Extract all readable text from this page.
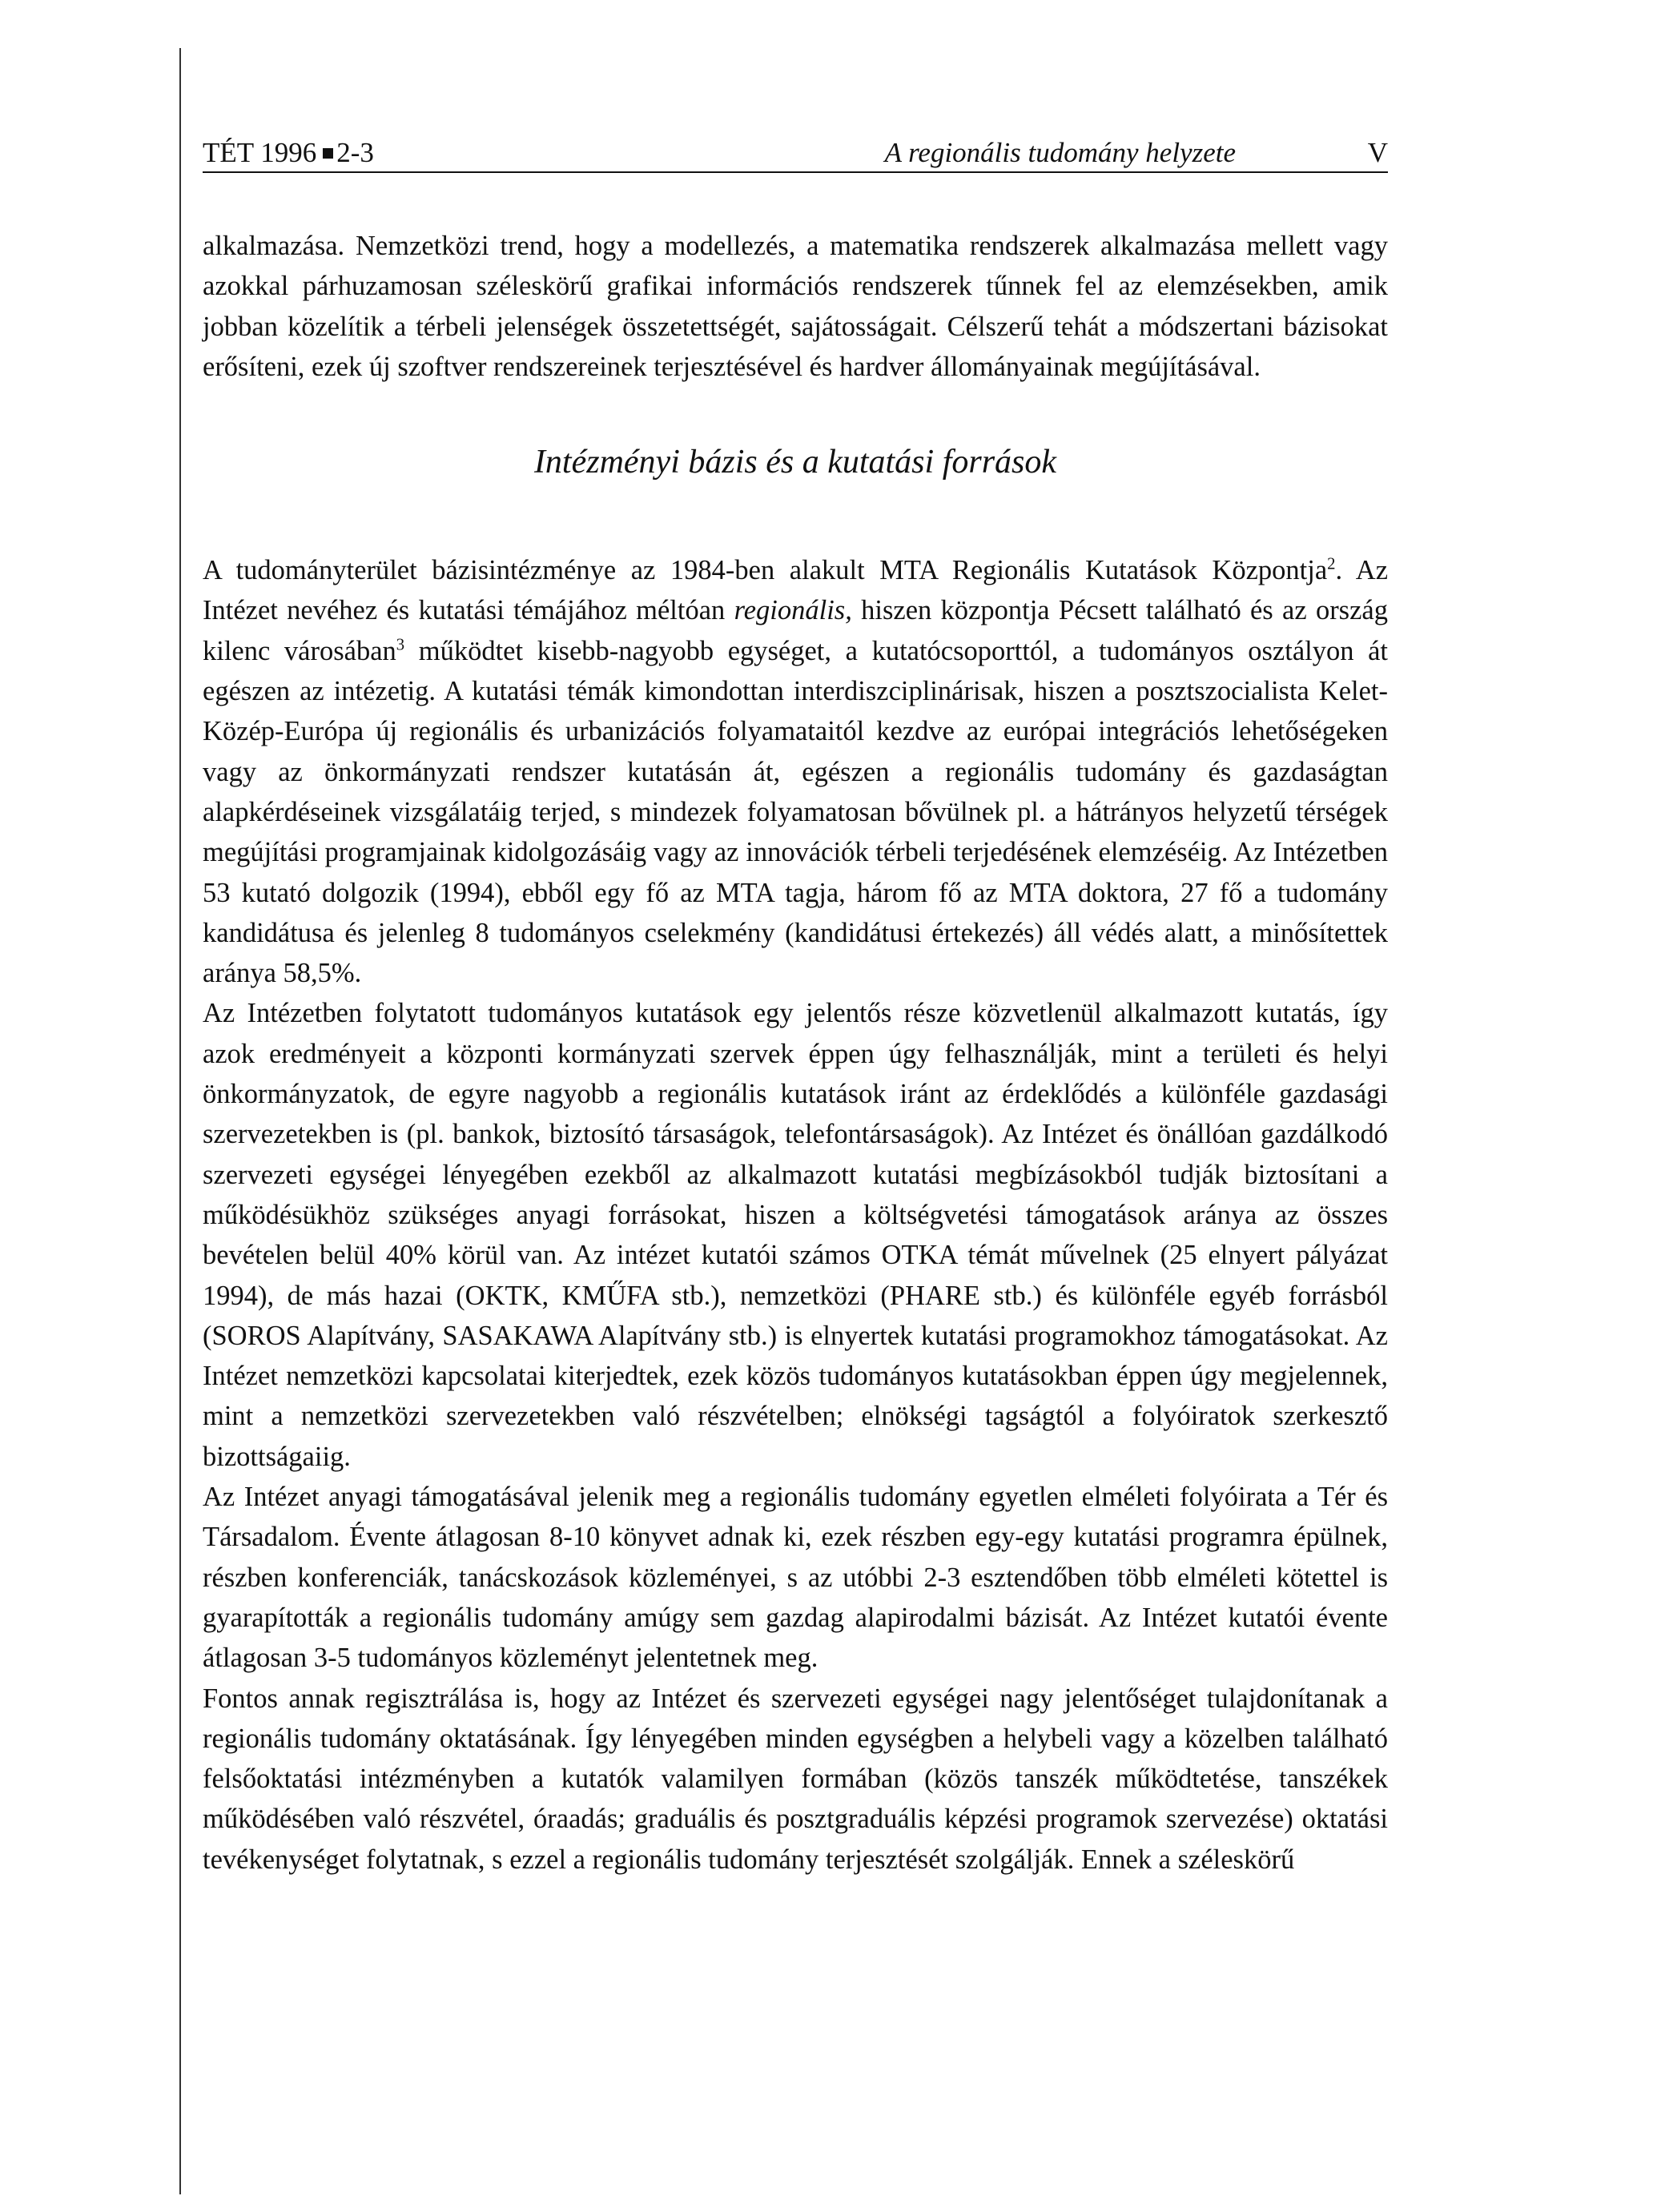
TÉT 1996 2-3	A regionális tudomány helyzete	V

alkalmazása. Nemzetközi trend, hogy a modellezés, a matematika rendszerek alkalmazása mellett vagy azokkal párhuzamosan széleskörű grafikai információs rendszerek tűnnek fel az elemzésekben, amik jobban közelítik a térbeli jelenségek összetettségét, sajátosságait. Célszerű tehát a módszertani bázisokat erősíteni, ezek új szoftver rendszereinek terjesztésével és hardver állományainak megújításával.

Intézményi bázis és a kutatási források

A tudományterület bázisintézménye az 1984-ben alakult MTA Regionális Kutatások Központja$^2$. Az Intézet nevéhez és kutatási témájához méltóan regionális, hiszen központja Pécsett található és az ország kilenc városában$^3$ működtet kisebb-nagyobb egységet, a kutatócsoporttól, a tudományos osztályon át egészen az intézetig. A kutatási témák kimondottan interdiszciplinárisak, hiszen a posztszocialista Kelet-Közép-Európa új regionális és urbanizációs folyamataitól kezdve az európai integrációs lehetőségeken vagy az önkormányzati rendszer kutatásán át, egészen a regionális tudomány és gazdaságtan alapkérdéseinek vizsgálatáig terjed, s mindezek folyamatosan bővülnek pl. a hátrányos helyzetű térségek megújítási programjainak kidolgozásáig vagy az innovációk térbeli terjedésének elemzéséig. Az Intézetben 53 kutató dolgozik (1994), ebből egy fő az MTA tagja, három fő az MTA doktora, 27 fő a tudomány kandidátusa és jelenleg 8 tudományos cselekmény (kandidátusi értekezés) áll védés alatt, a minősítettek aránya 58,5%.

Az Intézetben folytatott tudományos kutatások egy jelentős része közvetlenül alkalmazott kutatás, így azok eredményeit a központi kormányzati szervek éppen úgy felhasználják, mint a területi és helyi önkormányzatok, de egyre nagyobb a regionális kutatások iránt az érdeklődés a különféle gazdasági szervezetekben is (pl. bankok, biztosító társaságok, telefontársaságok). Az Intézet és önállóan gazdálkodó szervezeti egységei lényegében ezekből az alkalmazott kutatási megbízásokból tudják biztosítani a működésükhöz szükséges anyagi forrásokat, hiszen a költségvetési támogatások aránya az összes bevételen belül 40% körül van. Az intézet kutatói számos OTKA témát művelnek (25 elnyert pályázat 1994), de más hazai (OKTK, KMŰFA stb.), nemzetközi (PHARE stb.) és különféle egyéb forrásból (SOROS Alapítvány, SASAKAWA Alapítvány stb.) is elnyertek kutatási programokhoz támogatásokat. Az Intézet nemzetközi kapcsolatai kiterjedtek, ezek közös tudományos kutatásokban éppen úgy megjelennek, mint a nemzetközi szervezetekben való részvételben; elnökségi tagságtól a folyóiratok szerkesztő bizottságaiig.

Az Intézet anyagi támogatásával jelenik meg a regionális tudomány egyetlen elméleti folyóirata a Tér és Társadalom. Évente átlagosan 8-10 könyvet adnak ki, ezek részben egy-egy kutatási programra épülnek, részben konferenciák, tanácskozások közleményei, s az utóbbi 2-3 esztendőben több elméleti kötettel is gyarapították a regionális tudomány amúgy sem gazdag alapirodalmi bázisát. Az Intézet kutatói évente átlagosan 3-5 tudományos közleményt jelentetnek meg.

Fontos annak regisztrálása is, hogy az Intézet és szervezeti egységei nagy jelentőséget tulajdonítanak a regionális tudomány oktatásának. Így lényegében minden egységben a helybeli vagy a közelben található felsőoktatási intézményben a kutatók valamilyen formában (közös tanszék működtetése, tanszékek működésében való részvétel, óraadás; graduális és posztgraduális képzési programok szervezése) oktatási tevékenységet folytatnak, s ezzel a regionális tudomány terjesztését szolgálják. Ennek a széleskörű
